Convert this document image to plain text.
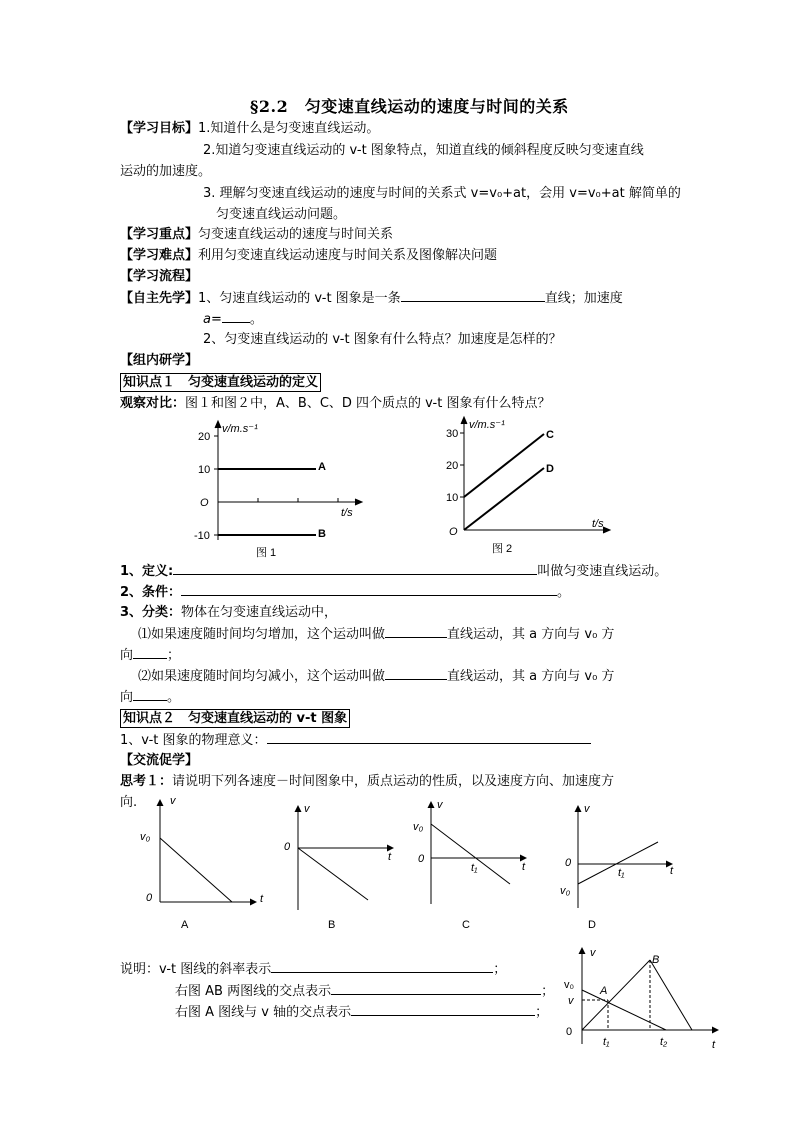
§2.2　匀变速直线运动的速度与时间的关系
【学习目标】1.知道什么是匀变速直线运动。
2.知道匀变速直线运动的 v-t 图象特点，知道直线的倾斜程度反映匀变速直线
运动的加速度。
3. 理解匀变速直线运动的速度与时间的关系式 v=v₀+at，会用 v=v₀+at 解简单的
匀变速直线运动问题。
【学习重点】匀变速直线运动的速度与时间关系
【学习难点】利用匀变速直线运动速度与时间关系及图像解决问题
【学习流程】
【自主先学】1、匀速直线运动的 v-t 图象是一条	直线；加速度
a= 。
2、匀变速直线运动的 v-t 图象有什么特点？加速度是怎样的？
【组内研学】
知识点１　匀变速直线运动的定义
观察对比：图１和图２中，A、B、C、D 四个质点的 v-t 图象有什么特点？
v/m.s⁻¹
t/s
20
10
O
-10
A
B
图 1
v/m.s⁻¹
t/s
30
20
10
O
C
D
图 2
1、定义:	叫做匀变速直线运动。
2、条件：	。
3、分类：物体在匀变速直线运动中，
⑴如果速度随时间均匀增加，这个运动叫做	直线运动，其 a 方向与 v₀ 方
向	；
⑵如果速度随时间均匀减小，这个运动叫做	直线运动，其 a 方向与 v₀ 方
向	。
知识点２　匀变速直线运动的 v-t 图象
1、v-t 图象的物理意义：
【交流促学】
思考１：请说明下列各速度－时间图象中，质点运动的性质，以及速度方向、加速度方
向.	v
v₀
0	t
A
v
0
t
B
v
v₀
0
t₁	t
C
v
0
v₀
t₁	t
D
v
v₀
v
0
t
t₁	t₂
A
B
说明：v-t 图线的斜率表示	；
右图 AB 两图线的交点表示	；
右图 A 图线与 v 轴的交点表示	；
